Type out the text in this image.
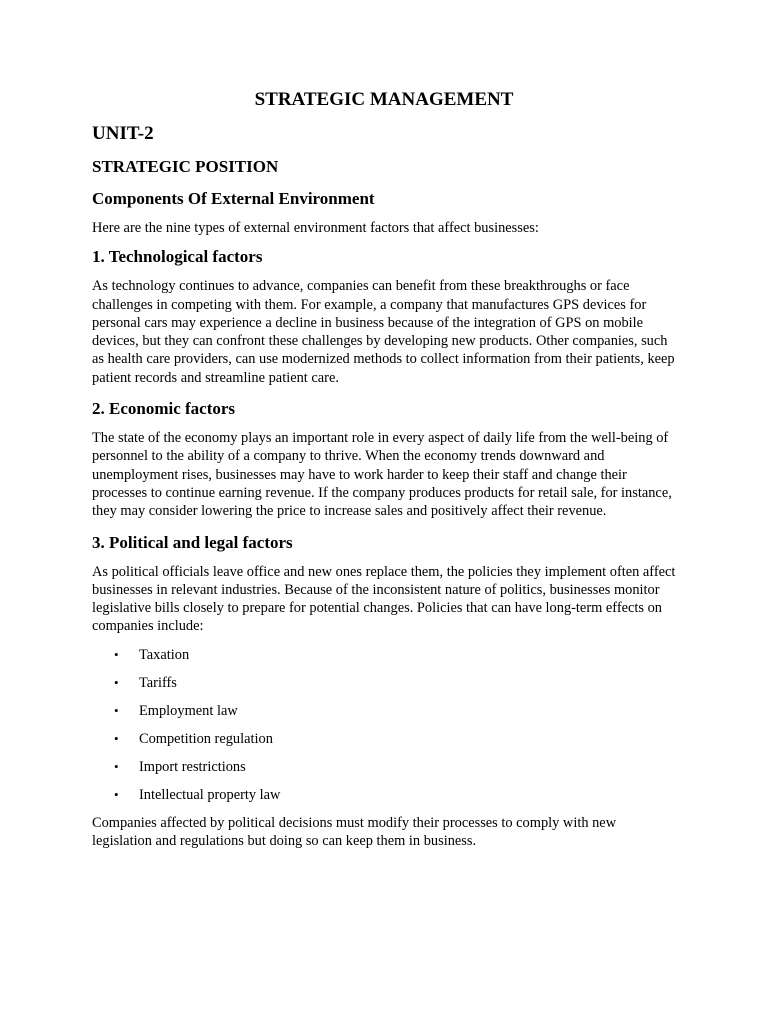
STRATEGIC MANAGEMENT
UNIT-2
STRATEGIC POSITION
Components Of External Environment

Here are the nine types of external environment factors that affect businesses:

1. Technological factors

As technology continues to advance, companies can benefit from these breakthroughs or face challenges in competing with them. For example, a company that manufactures GPS devices for personal cars may experience a decline in business because of the integration of GPS on mobile devices, but they can confront these challenges by developing new products. Other companies, such as health care providers, can use modernized methods to collect information from their patients, keep patient records and streamline patient care.

2. Economic factors

The state of the economy plays an important role in every aspect of daily life from the well-being of personnel to the ability of a company to thrive. When the economy trends downward and unemployment rises, businesses may have to work harder to keep their staff and change their processes to continue earning revenue. If the company produces products for retail sale, for instance, they may consider lowering the price to increase sales and positively affect their revenue.

3. Political and legal factors

As political officials leave office and new ones replace them, the policies they implement often affect businesses in relevant industries. Because of the inconsistent nature of politics, businesses monitor legislative bills closely to prepare for potential changes. Policies that can have long-term effects on companies include:

• Taxation
• Tariffs
• Employment law
• Competition regulation
• Import restrictions
• Intellectual property law

Companies affected by political decisions must modify their processes to comply with new legislation and regulations but doing so can keep them in business.
